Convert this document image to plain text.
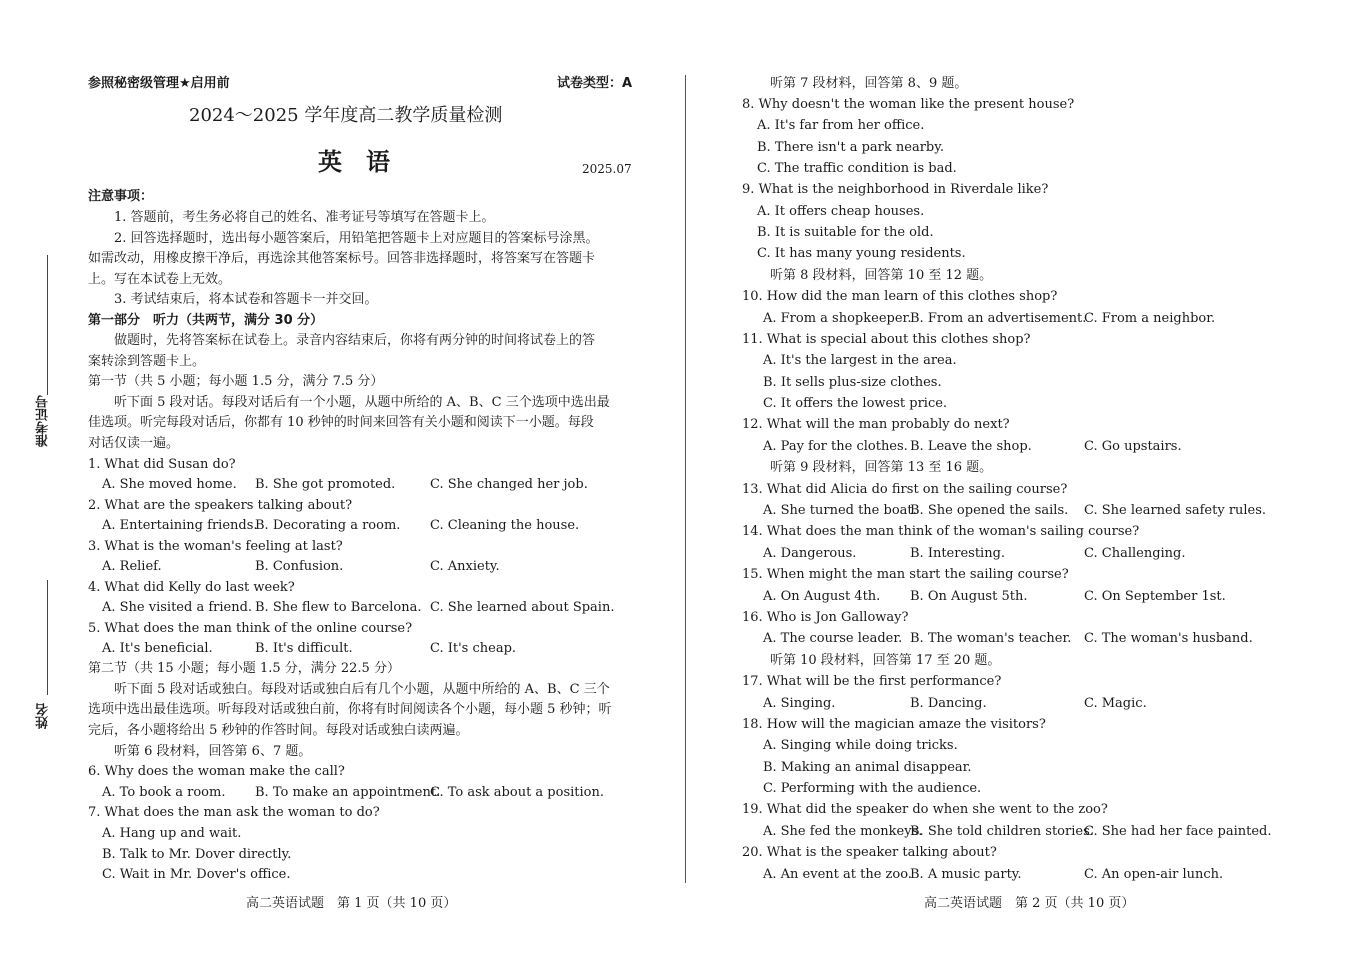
参照秘密级管理★启用前	试卷类型：A
2024～2025 学年度高二教学质量检测
英　语	2025.07
注意事项：
1. 答题前，考生务必将自己的姓名、准考证号等填写在答题卡上。
2. 回答选择题时，选出每小题答案后，用铅笔把答题卡上对应题目的答案标号涂黑。
如需改动，用橡皮擦干净后，再选涂其他答案标号。回答非选择题时，将答案写在答题卡
上。写在本试卷上无效。
3. 考试结束后，将本试卷和答题卡一并交回。
第一部分　听力（共两节，满分 30 分）
做题时，先将答案标在试卷上。录音内容结束后，你将有两分钟的时间将试卷上的答
案转涂到答题卡上。
第一节（共 5 小题；每小题 1.5 分，满分 7.5 分）
听下面 5 段对话。每段对话后有一个小题，从题中所给的 A、B、C 三个选项中选出最
佳选项。听完每段对话后，你都有 10 秒钟的时间来回答有关小题和阅读下一小题。每段
对话仅读一遍。
1. What did Susan do?
A. She moved home. B. She got promoted.	C. She changed her job.
2. What are the speakers talking about?
A. Entertaining friends.
B. Decorating a room. C. Cleaning the house.
3. What is the woman's feeling at last?
A. Relief.	B. Confusion.	C. Anxiety.
4. What did Kelly do last week?
A. She visited a friend. B. She flew to Barcelona. C. She learned about Spain.
5. What does the man think of the online course?
A. It's beneficial.	B. It's difficult.	C. It's cheap.
第二节（共 15 小题；每小题 1.5 分，满分 22.5 分）
听下面 5 段对话或独白。每段对话或独白后有几个小题，从题中所给的 A、B、C 三个
选项中选出最佳选项。听每段对话或独白前，你将有时间阅读各个小题，每小题 5 秒钟；听
完后，各小题将给出 5 秒钟的作答时间。每段对话或独白读两遍。
听第 6 段材料，回答第 6、7 题。
6. Why does the woman make the call?
A. To book a room. B. To make an appointment.
C. To ask about a position.
7. What does the man ask the woman to do?
A. Hang up and wait.
B. Talk to Mr. Dover directly.
C. Wait in Mr. Dover's office.
准考证号
姓名
高二英语试题　第 1 页（共 10 页）
听第 7 段材料，回答第 8、9 题。
8. Why doesn't the woman like the present house?
A. It's far from her office.
B. There isn't a park nearby.
C. The traffic condition is bad.
9. What is the neighborhood in Riverdale like?
A. It offers cheap houses.
B. It is suitable for the old.
C. It has many young residents.
听第 8 段材料，回答第 10 至 12 题。
10. How did the man learn of this clothes shop?
A. From a shopkeeper.
B. From an advertisement.
C. From a neighbor.
11. What is special about this clothes shop?
A. It's the largest in the area.
B. It sells plus-size clothes.
C. It offers the lowest price.
12. What will the man probably do next?
A. Pay for the clothes. B. Leave the shop.	C. Go upstairs.
听第 9 段材料，回答第 13 至 16 题。
13. What did Alicia do first on the sailing course?
A. She turned the boat.
B. She opened the sails. C. She learned safety rules.
14. What does the man think of the woman's sailing course?
A. Dangerous.	B. Interesting.	C. Challenging.
15. When might the man start the sailing course?
A. On August 4th. B. On August 5th.	C. On September 1st.
16. Who is Jon Galloway?
A. The course leader. B. The woman's teacher. C. The woman's husband.
听第 10 段材料，回答第 17 至 20 题。
17. What will be the first performance?
A. Singing.	B. Dancing.	C. Magic.
18. How will the magician amaze the visitors?
A. Singing while doing tricks.
B. Making an animal disappear.
C. Performing with the audience.
19. What did the speaker do when she went to the zoo?
A. She fed the monkeys.
B. She told children stories.
C. She had her face painted.
20. What is the speaker talking about?
A. An event at the zoo.
B. A music party.	C. An open-air lunch.
高二英语试题　第 2 页（共 10 页）
